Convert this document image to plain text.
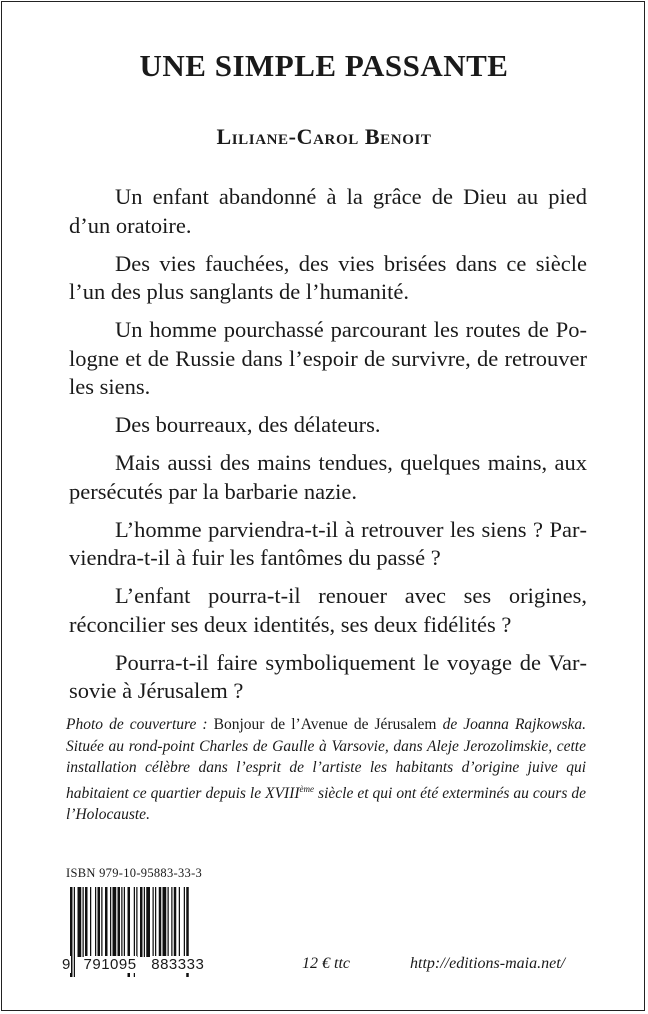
UNE SIMPLE PASSANTE
Liliane-Carol Benoit

Un enfant abandonné à la grâce de Dieu au pied d’un oratoire.

Des vies fauchées, des vies brisées dans ce siècle l’un des plus sanglants de l’humanité.

Un homme pourchassé parcourant les routes de Pologne et de Russie dans l’espoir de survivre, de retrouver les siens.

Des bourreaux, des délateurs.

Mais aussi des mains tendues, quelques mains, aux persécutés par la barbarie nazie.

L’homme parviendra-t-il à retrouver les siens ? Parviendra-t-il à fuir les fantômes du passé ?

L’enfant pourra-t-il renouer avec ses origines, réconcilier ses deux identités, ses deux fidélités ?

Pourra-t-il faire symboliquement le voyage de Varsovie à Jérusalem ?

Photo de couverture : Bonjour de l’Avenue de Jérusalem de Joanna Rajkowska. Située au rond-point Charles de Gaulle à Varsovie, dans Aleje Jerozolimskie, cette installation célèbre dans l’esprit de l’artiste les habitants d’origine juive qui habitaient ce quartier depuis le XVIIIème siècle et qui ont été exterminés au cours de l’Holocauste.
ISBN 979-10-95883-33-3
9 791095 883333	12 € ttc	http://editions-maia.net/
